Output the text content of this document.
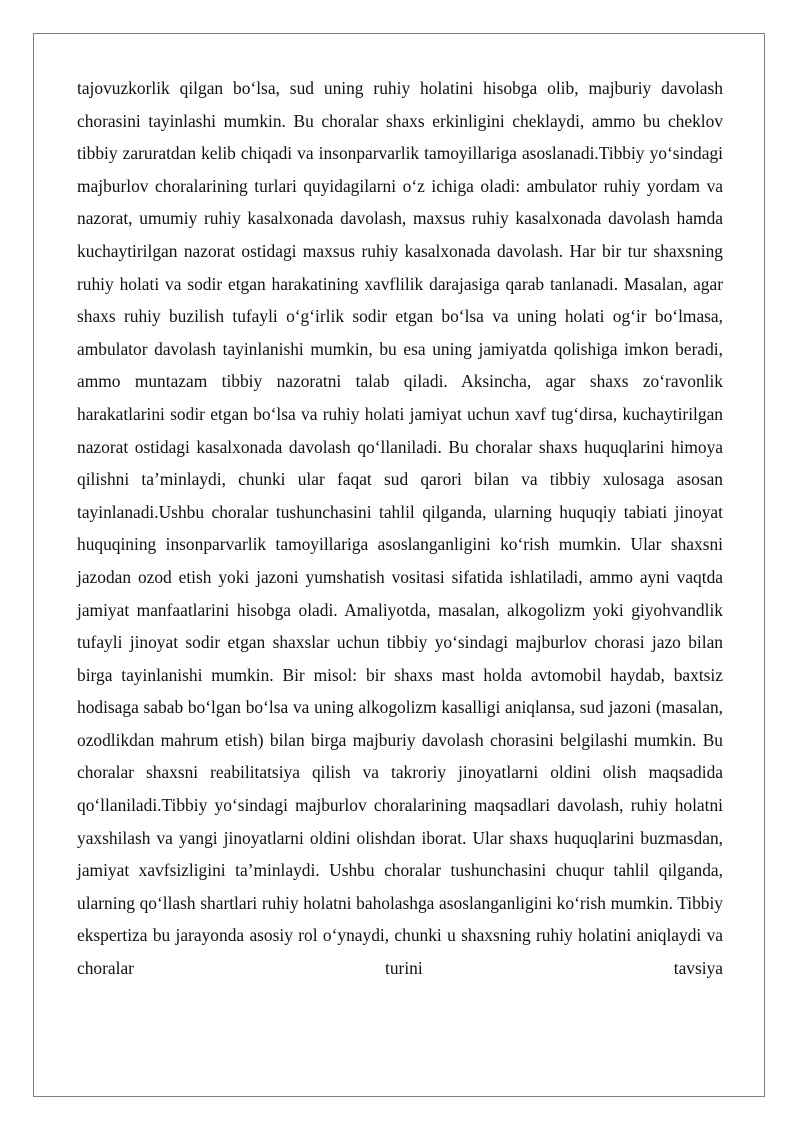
tajovuzkorlik qilgan bo‘lsa, sud uning ruhiy holatini hisobga olib, majburiy davolash chorasini tayinlashi mumkin. Bu choralar shaxs erkinligini cheklaydi, ammo bu cheklov tibbiy zaruratdan kelib chiqadi va insonparvarlik tamoyillariga asoslanadi.Tibbiy yo‘sindagi majburlov choralarining turlari quyidagilarni o‘z ichiga oladi: ambulator ruhiy yordam va nazorat, umumiy ruhiy kasalxonada davolash, maxsus ruhiy kasalxonada davolash hamda kuchaytirilgan nazorat ostidagi maxsus ruhiy kasalxonada davolash. Har bir tur shaxsning ruhiy holati va sodir etgan harakatining xavflilik darajasiga qarab tanlanadi. Masalan, agar shaxs ruhiy buzilish tufayli o‘g‘irlik sodir etgan bo‘lsa va uning holati og‘ir bo‘lmasa, ambulator davolash tayinlanishi mumkin, bu esa uning jamiyatda qolishiga imkon beradi, ammo muntazam tibbiy nazoratni talab qiladi. Aksincha, agar shaxs zo‘ravonlik harakatlarini sodir etgan bo‘lsa va ruhiy holati jamiyat uchun xavf tug‘dirsa, kuchaytirilgan nazorat ostidagi kasalxonada davolash qo‘llaniladi. Bu choralar shaxs huquqlarini himoya qilishni ta’minlaydi, chunki ular faqat sud qarori bilan va tibbiy xulosaga asosan tayinlanadi.Ushbu choralar tushunchasini tahlil qilganda, ularning huquqiy tabiati jinoyat huquqining insonparvarlik tamoyillariga asoslanganligini ko‘rish mumkin. Ular shaxsni jazodan ozod etish yoki jazoni yumshatish vositasi sifatida ishlatiladi, ammo ayni vaqtda jamiyat manfaatlarini hisobga oladi. Amaliyotda, masalan, alkogolizm yoki giyohvandlik tufayli jinoyat sodir etgan shaxslar uchun tibbiy yo‘sindagi majburlov chorasi jazo bilan birga tayinlanishi mumkin. Bir misol: bir shaxs mast holda avtomobil haydab, baxtsiz hodisaga sabab bo‘lgan bo‘lsa va uning alkogolizm kasalligi aniqlansa, sud jazoni (masalan, ozodlikdan mahrum etish) bilan birga majburiy davolash chorasini belgilashi mumkin. Bu choralar shaxsni reabilitatsiya qilish va takroriy jinoyatlarni oldini olish maqsadida qo‘llaniladi.Tibbiy yo‘sindagi majburlov choralarining maqsadlari davolash, ruhiy holatni yaxshilash va yangi jinoyatlarni oldini olishdan iborat. Ular shaxs huquqlarini buzmasdan, jamiyat xavfsizligini ta’minlaydi. Ushbu choralar tushunchasini chuqur tahlil qilganda, ularning qo‘llash shartlari ruhiy holatni baholashga asoslanganligini ko‘rish mumkin. Tibbiy ekspertiza bu jarayonda asosiy rol o‘ynaydi, chunki u shaxsning ruhiy holatini aniqlaydi va choralar turini tavsiya
